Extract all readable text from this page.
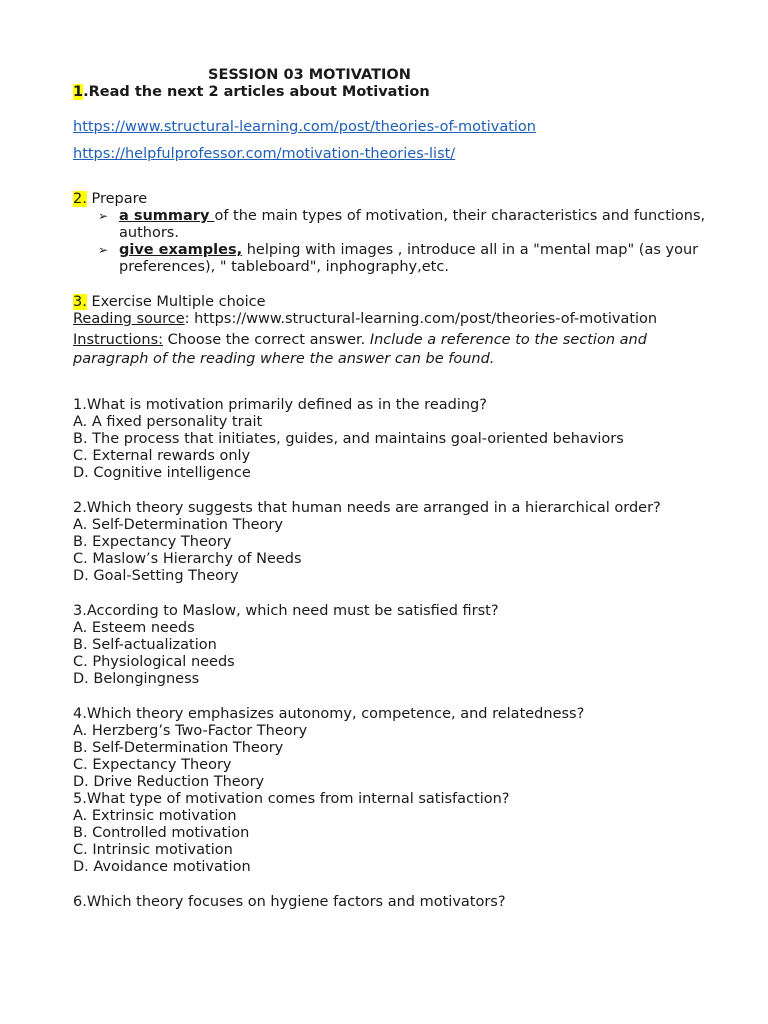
SESSION 03 MOTIVATION
1.Read the next 2 articles about Motivation
https://www.structural-learning.com/post/theories-of-motivation
https://helpfulprofessor.com/motivation-theories-list/
2. Prepare
➢ a summary of the main types of motivation, their characteristics and functions, authors.
➢ give examples, helping with images , introduce all in a "mental map" (as your preferences), " tableboard", inphography,etc.
3. Exercise Multiple choice
Reading source: https://www.structural-learning.com/post/theories-of-motivation
Instructions: Choose the correct answer. Include a reference to the section and paragraph of the reading where the answer can be found.
1.What is motivation primarily defined as in the reading?
A. A fixed personality trait
B. The process that initiates, guides, and maintains goal-oriented behaviors
C. External rewards only
D. Cognitive intelligence
2.Which theory suggests that human needs are arranged in a hierarchical order?
A. Self-Determination Theory
B. Expectancy Theory
C. Maslow’s Hierarchy of Needs
D. Goal-Setting Theory
3.According to Maslow, which need must be satisfied first?
A. Esteem needs
B. Self-actualization
C. Physiological needs
D. Belongingness
4.Which theory emphasizes autonomy, competence, and relatedness?
A. Herzberg’s Two-Factor Theory
B. Self-Determination Theory
C. Expectancy Theory
D. Drive Reduction Theory
5.What type of motivation comes from internal satisfaction?
A. Extrinsic motivation
B. Controlled motivation
C. Intrinsic motivation
D. Avoidance motivation
6.Which theory focuses on hygiene factors and motivators?
